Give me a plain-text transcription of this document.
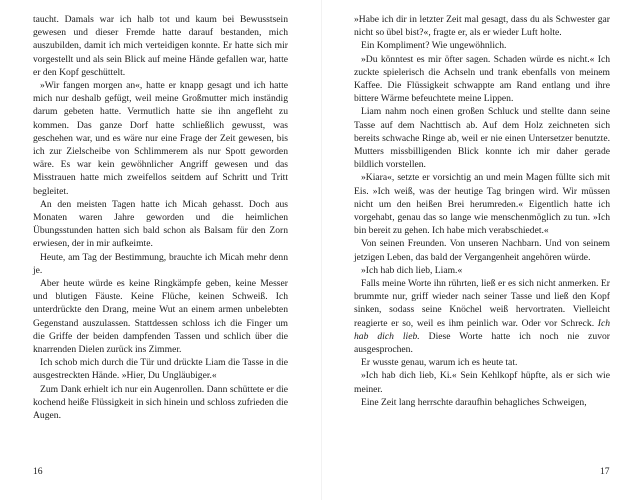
taucht. Damals war ich halb tot und kaum bei Bewusstsein gewesen und dieser Fremde hatte darauf bestanden, mich auszubilden, damit ich mich verteidigen konnte. Er hatte sich mir vorgestellt und als sein Blick auf meine Hände gefallen war, hatte er den Kopf geschüttelt.

»Wir fangen morgen an«, hatte er knapp gesagt und ich hatte mich nur deshalb gefügt, weil meine Großmutter mich inständig darum gebeten hatte. Vermutlich hatte sie ihn angefleht zu kommen. Das ganze Dorf hatte schließlich gewusst, was geschehen war, und es wäre nur eine Frage der Zeit gewesen, bis ich zur Zielscheibe von Schlimmerem als nur Spott geworden wäre. Es war kein gewöhnlicher Angriff gewesen und das Misstrauen hatte mich zweifellos seitdem auf Schritt und Tritt begleitet.

An den meisten Tagen hatte ich Micah gehasst. Doch aus Monaten waren Jahre geworden und die heimlichen Übungsstunden hatten sich bald schon als Balsam für den Zorn erwiesen, der in mir aufkeimte.

Heute, am Tag der Bestimmung, brauchte ich Micah mehr denn je.

Aber heute würde es keine Ringkämpfe geben, keine Messer und blutigen Fäuste. Keine Flüche, keinen Schweiß. Ich unterdrückte den Drang, meine Wut an einem armen unbelebten Gegenstand auszulassen. Stattdessen schloss ich die Finger um die Griffe der beiden dampfenden Tassen und schlich über die knarrenden Dielen zurück ins Zimmer.

Ich schob mich durch die Tür und drückte Liam die Tasse in die ausgestreckten Hände. »Hier, Du Ungläubiger.«

Zum Dank erhielt ich nur ein Augenrollen. Dann schüttete er die kochend heiße Flüssigkeit in sich hinein und schloss zufrieden die Augen.

»Habe ich dir in letzter Zeit mal gesagt, dass du als Schwester gar nicht so übel bist?«, fragte er, als er wieder Luft holte.

Ein Kompliment? Wie ungewöhnlich.

»Du könntest es mir öfter sagen. Schaden würde es nicht.« Ich zuckte spielerisch die Achseln und trank ebenfalls von meinem Kaffee. Die Flüssigkeit schwappte am Rand entlang und ihre bittere Wärme befeuchtete meine Lippen.

Liam nahm noch einen großen Schluck und stellte dann seine Tasse auf dem Nachttisch ab. Auf dem Holz zeichneten sich bereits schwache Ringe ab, weil er nie einen Untersetzer benutzte. Mutters missbilligenden Blick konnte ich mir daher gerade bildlich vorstellen.

»Kiara«, setzte er vorsichtig an und mein Magen füllte sich mit Eis. »Ich weiß, was der heutige Tag bringen wird. Wir müssen nicht um den heißen Brei herumreden.« Eigentlich hatte ich vorgehabt, genau das so lange wie menschenmöglich zu tun. »Ich bin bereit zu gehen. Ich habe mich verabschiedet.«

Von seinen Freunden. Von unseren Nachbarn. Und von seinem jetzigen Leben, das bald der Vergangenheit angehören würde.

»Ich hab dich lieb, Liam.«

Falls meine Worte ihn rührten, ließ er es sich nicht anmerken. Er brummte nur, griff wieder nach seiner Tasse und ließ den Kopf sinken, sodass seine Knöchel weiß hervortraten. Vielleicht reagierte er so, weil es ihm peinlich war. Oder vor Schreck. Ich hab dich lieb. Diese Worte hatte ich noch nie zuvor ausgesprochen.

Er wusste genau, warum ich es heute tat.

»Ich hab dich lieb, Ki.« Sein Kehlkopf hüpfte, als er sich wie meiner.

Eine Zeit lang herrschte daraufhin behagliches Schweigen,

16	17
